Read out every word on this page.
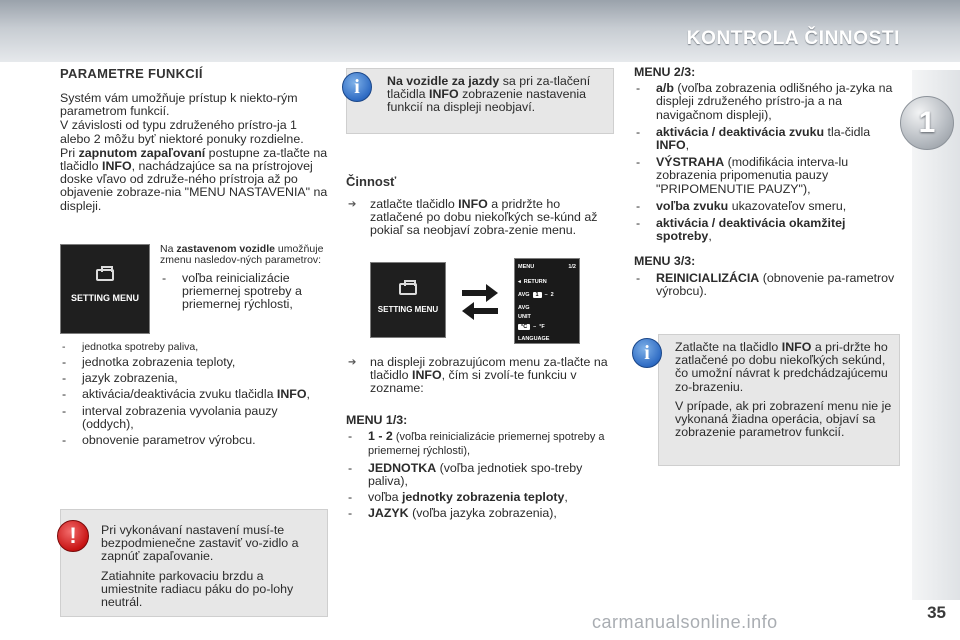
KONTROLA ČINNOSTI
1
PARAMETRE FUNKCIÍ

Systém vám umožňuje prístup k niekto-rým parametrom funkcií.

V závislosti od typu združeného prístro-ja 1 alebo 2 môžu byť niektoré ponuky rozdielne.

Pri zapnutom zapaľovaní postupne za-tlačte na tlačidlo INFO, nachádzajúce sa na prístrojovej doske vľavo od združe-ného prístroja až po objavenie zobraze-nia "MENU NASTAVENIA" na displeji.

SETTING MENU
Na zastavenom vozidle umožňuje zmenu nasledov-ných parametrov:
- voľba reinicializácie priemernej spotreby a priemernej rýchlosti,
- jednotka spotreby paliva,
- jednotka zobrazenia teploty,
- jazyk zobrazenia,
- aktivácia/deaktivácia zvuku tlačidla INFO,
- interval zobrazenia vyvolania pauzy (oddych),
- obnovenie parametrov výrobcu.

Pri vykonávaní nastavení musí-te bezpodmienečne zastaviť vo-zidlo a zapnúť zapaľovanie.

Zatiahnite parkovaciu brzdu a umiestnite radiacu páku do po-lohy neutrál.

!
Na vozidle za jazdy sa pri za-tlačení tlačidla INFO zobrazenie nastavenia funkcií na displeji neobjaví.
i
Činnosť
➔ zatlačte tlačidlo INFO a pridržte ho zatlačené po dobu niekoľkých se-kúnd až pokiaľ sa neobjaví zobra-zenie menu.
SETTING MENU
MENU	1/2
◂ RETURN
AVG	1	– 2
AVG
UNIT
°C	– °F
LANGUAGE
➔ na displeji zobrazujúcom menu za-tlačte na tlačidlo INFO, čím si zvolí-te funkciu v zozname:
MENU 1/3:
- 1 - 2 (voľba reinicializácie priemernej spotreby a priemernej rýchlosti),
- JEDNOTKA (voľba jednotiek spo-treby paliva),
- voľba jednotky zobrazenia teploty,
- JAZYK (voľba jazyka zobrazenia),
MENU 2/3:
- a/b (voľba zobrazenia odlišného ja-zyka na displeji združeného prístro-ja a na navigačnom displeji),
- aktivácia / deaktivácia zvuku tla-čidla INFO,
- VÝSTRAHA (modifikácia interva-lu zobrazenia pripomenutia pauzy "PRIPOMENUTIE PAUZY"),
- voľba zvuku ukazovateľov smeru,
- aktivácia / deaktivácia okamžitej spotreby,
MENU 3/3:
- REINICIALIZÁCIA (obnovenie pa-rametrov výrobcu).

Zatlačte na tlačidlo INFO a pri-držte ho zatlačené po dobu niekoľkých sekúnd, čo umožní návrat k predchádzajúcemu zo-brazeniu.

V prípade, ak pri zobrazení menu nie je vykonaná žiadna operácia, objaví sa zobrazenie parametrov funkcií.

i
carmanualsonline.info	35
